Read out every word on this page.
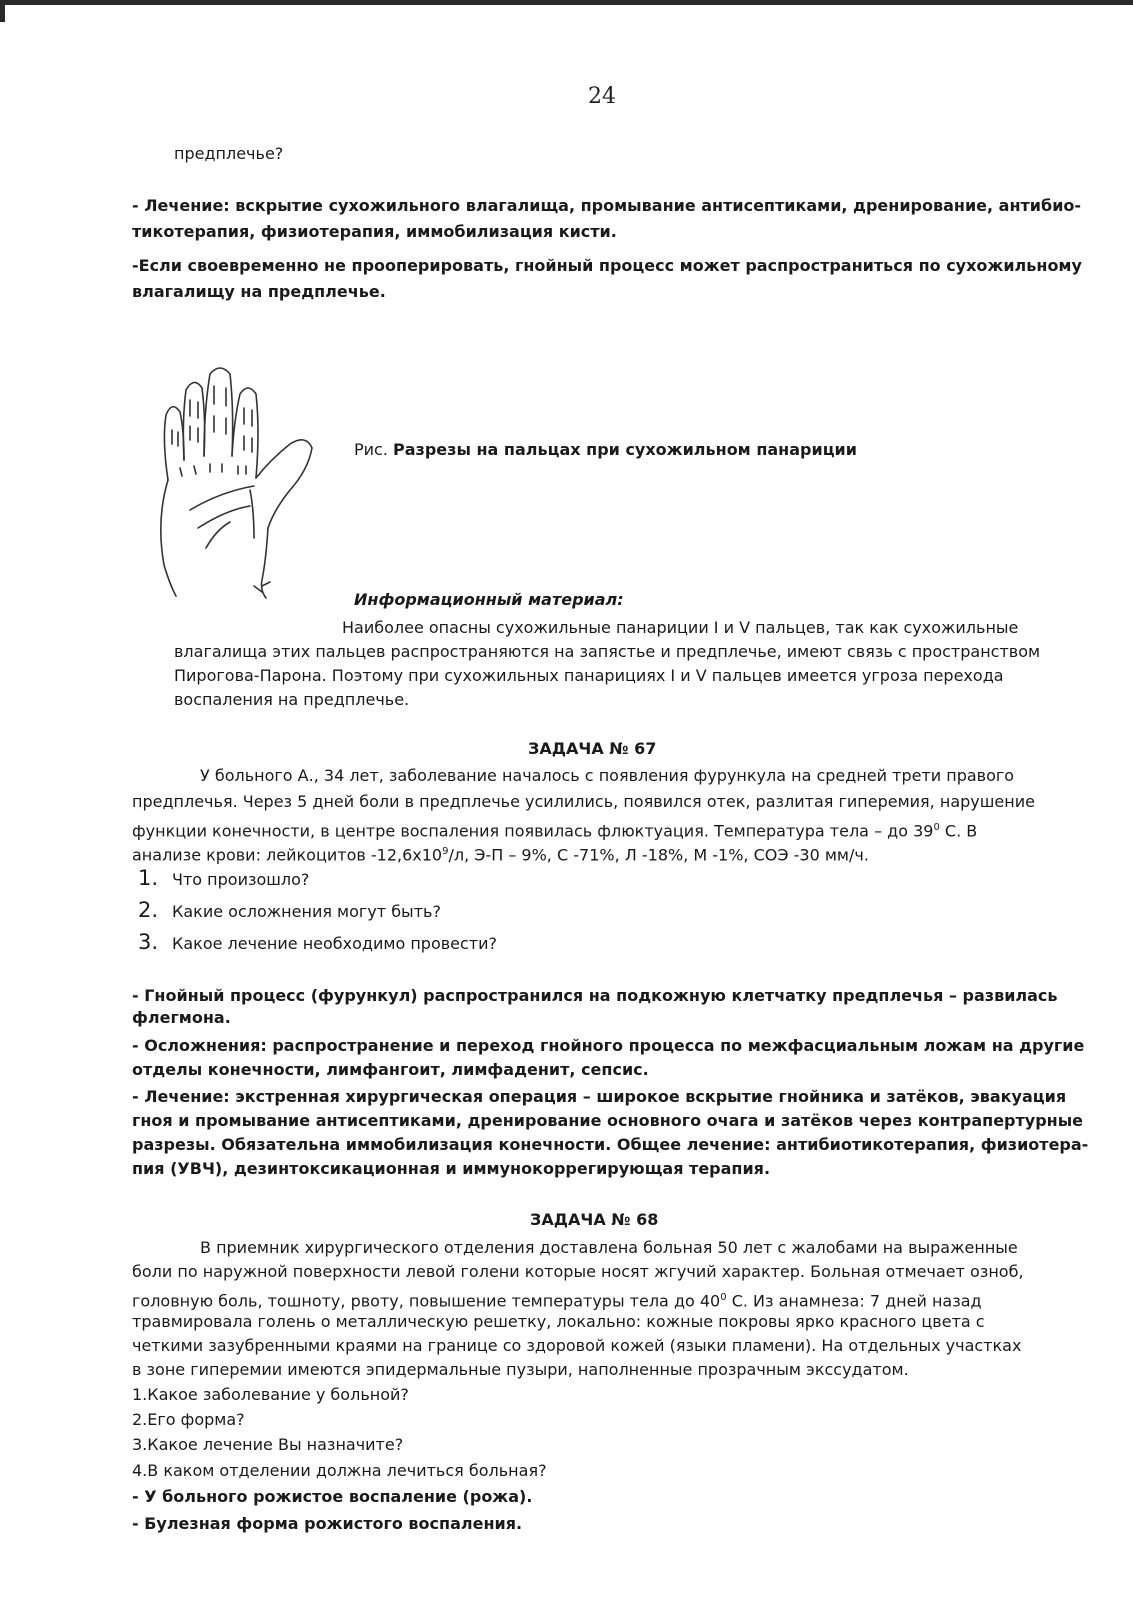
24
предплечье?
- Лечение: вскрытие сухожильного влагалища, промывание антисептиками, дренирование, антибио-
тикотерапия, физиотерапия, иммобилизация кисти.
-Если своевременно не прооперировать, гнойный процесс может распространиться по сухожильному
влагалищу на предплечье.
Рис. Разрезы на пальцах при сухожильном панариции
Информационный материал:
Наиболее опасны сухожильные панариции I и V пальцев, так как сухожильные
влагалища этих пальцев распространяются на запястье и предплечье, имеют связь с пространством
Пирогова-Парона. Поэтому при сухожильных панарициях I и V пальцев имеется угроза перехода
воспаления на предплечье.
ЗАДАЧА № 67
У больного А., 34 лет, заболевание началось с появления фурункула на средней трети правого
предплечья. Через 5 дней боли в предплечье усилились, появился отек, разлитая гиперемия, нарушение
функции конечности, в центре воспаления появилась флюктуация. Температура тела – до $39^0$ С. В
анализе крови: лейкоцитов $-12,6х10^9/л$, Э-П – 9%, С -71%, Л -18%, М -1%, СОЭ -30 мм/ч.
1. Что произошло?
2. Какие осложнения могут быть?
3. Какое лечение необходимо провести?
- Гнойный процесс (фурункул) распространился на подкожную клетчатку предплечья – развилась
флегмона.
- Осложнения: распространение и переход гнойного процесса по межфасциальным ложам на другие
отделы конечности, лимфангоит, лимфаденит, сепсис.
- Лечение: экстренная хирургическая операция – широкое вскрытие гнойника и затёков, эвакуация
гноя и промывание антисептиками, дренирование основного очага и затёков через контрапертурные
разрезы. Обязательна иммобилизация конечности. Общее лечение: антибиотикотерапия, физиотера-
пия (УВЧ), дезинтоксикационная и иммунокоррегирующая терапия.
ЗАДАЧА № 68
В приемник хирургического отделения доставлена больная 50 лет с жалобами на выраженные
боли по наружной поверхности левой голени которые носят жгучий характер. Больная отмечает озноб,
головную боль, тошноту, рвоту, повышение температуры тела до $40^0$ С. Из анамнеза: 7 дней назад
травмировала голень о металлическую решетку, локально: кожные покровы ярко красного цвета с
четкими зазубренными краями на границе со здоровой кожей (языки пламени). На отдельных участках
в зоне гиперемии имеются эпидермальные пузыри, наполненные прозрачным экссудатом.
1.Какое заболевание у больной?
2.Его форма?
3.Какое лечение Вы назначите?
4.В каком отделении должна лечиться больная?
- У больного рожистое воспаление (рожа).
- Булезная форма рожистого воспаления.
